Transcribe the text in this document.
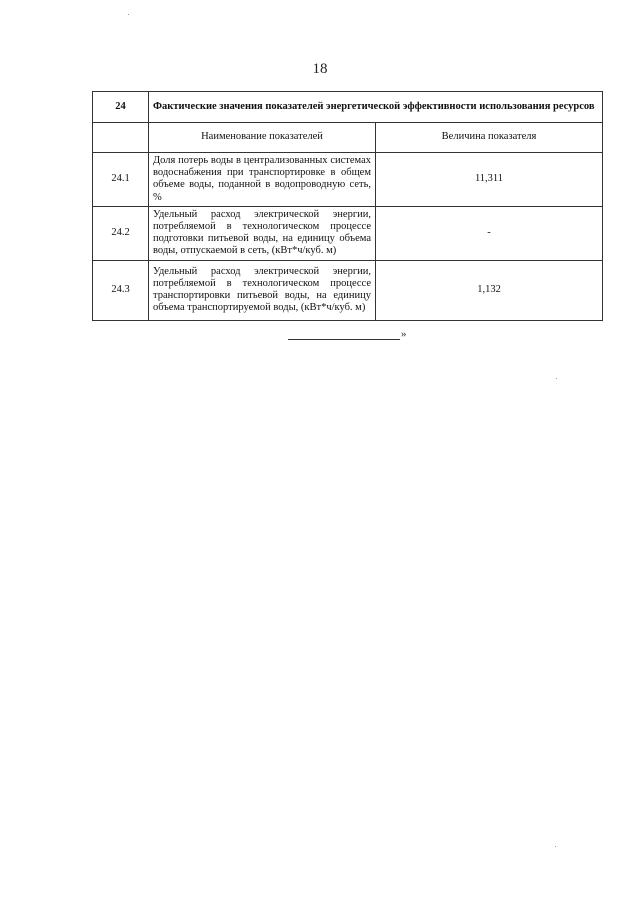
18
24	Фактические значения показателей энергетической эффективности использования ресурсов	
	Наименование показателей	Величина показателя
24.1	Доля потерь воды в централизованных системах водоснабжения при транспортировке в общем объеме воды, поданной в водопроводную сеть, %	11,311
24.2	Удельный расход электрической энергии, потребляемой в технологическом процессе подготовки питьевой воды, на единицу объема воды, отпускаемой в сеть, (кВт*ч/куб. м)	-
24.3	Удельный расход электрической энергии, потребляемой в технологическом процессе транспортировки питьевой воды, на единицу объема транспортируемой воды, (кВт*ч/куб. м)	1,132
»
